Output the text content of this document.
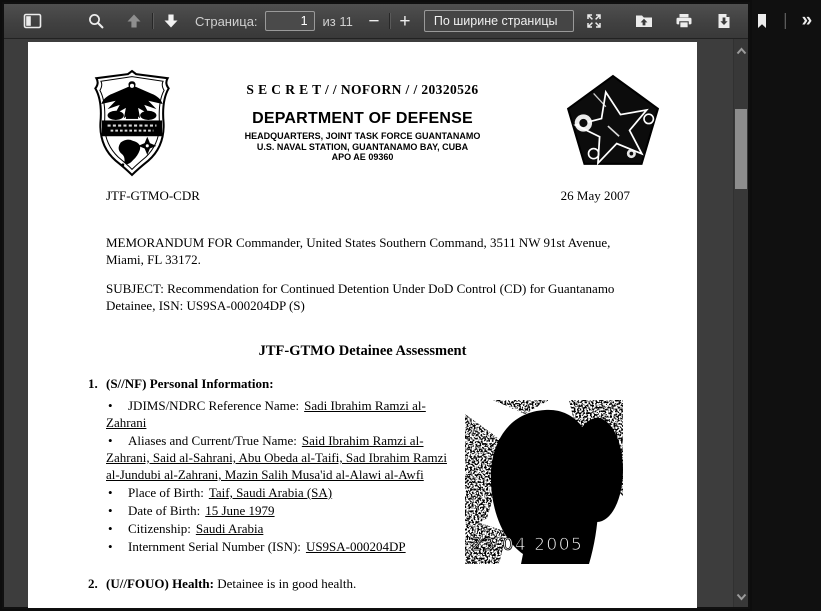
Страница:
1	из 11 − +	По ширине страницы	»
S E C R E T / / NOFORN / / 20320526
DEPARTMENT OF DEFENSE
HEADQUARTERS, JOINT TASK FORCE GUANTANAMO
U.S. NAVAL STATION, GUANTANAMO BAY, CUBA
APO AE 09360
JTF-GTMO-CDR	26 May 2007
MEMORANDUM FOR Commander, United States Southern Command, 3511 NW 91st Avenue, Miami, FL 33172.
SUBJECT: Recommendation for Continued Detention Under DoD Control (CD) for Guantanamo Detainee, ISN: US9SA-000204DP (S)
JTF-GTMO Detainee Assessment
1. (S//NF) Personal Information:
• JDIMS/NDRC Reference Name: Sadi Ibrahim Ramzi al-Zahrani
• Aliases and Current/True Name: Said Ibrahim Ramzi al-Zahrani, Said al-Sahrani, Abu Obeda al-Taifi, Sad Ibrahim Ramzi al-Jundubi al-Zahrani, Mazin Salih Musa'id al-Alawi al-Awfi
• Place of Birth: Taif, Saudi Arabia (SA)
• Date of Birth: 15 June 1979
• Citizenship: Saudi Arabia
• Internment Serial Number (ISN): US9SA-000204DP	23.04 2005
2. (U//FOUO) Health: Detainee is in good health.
